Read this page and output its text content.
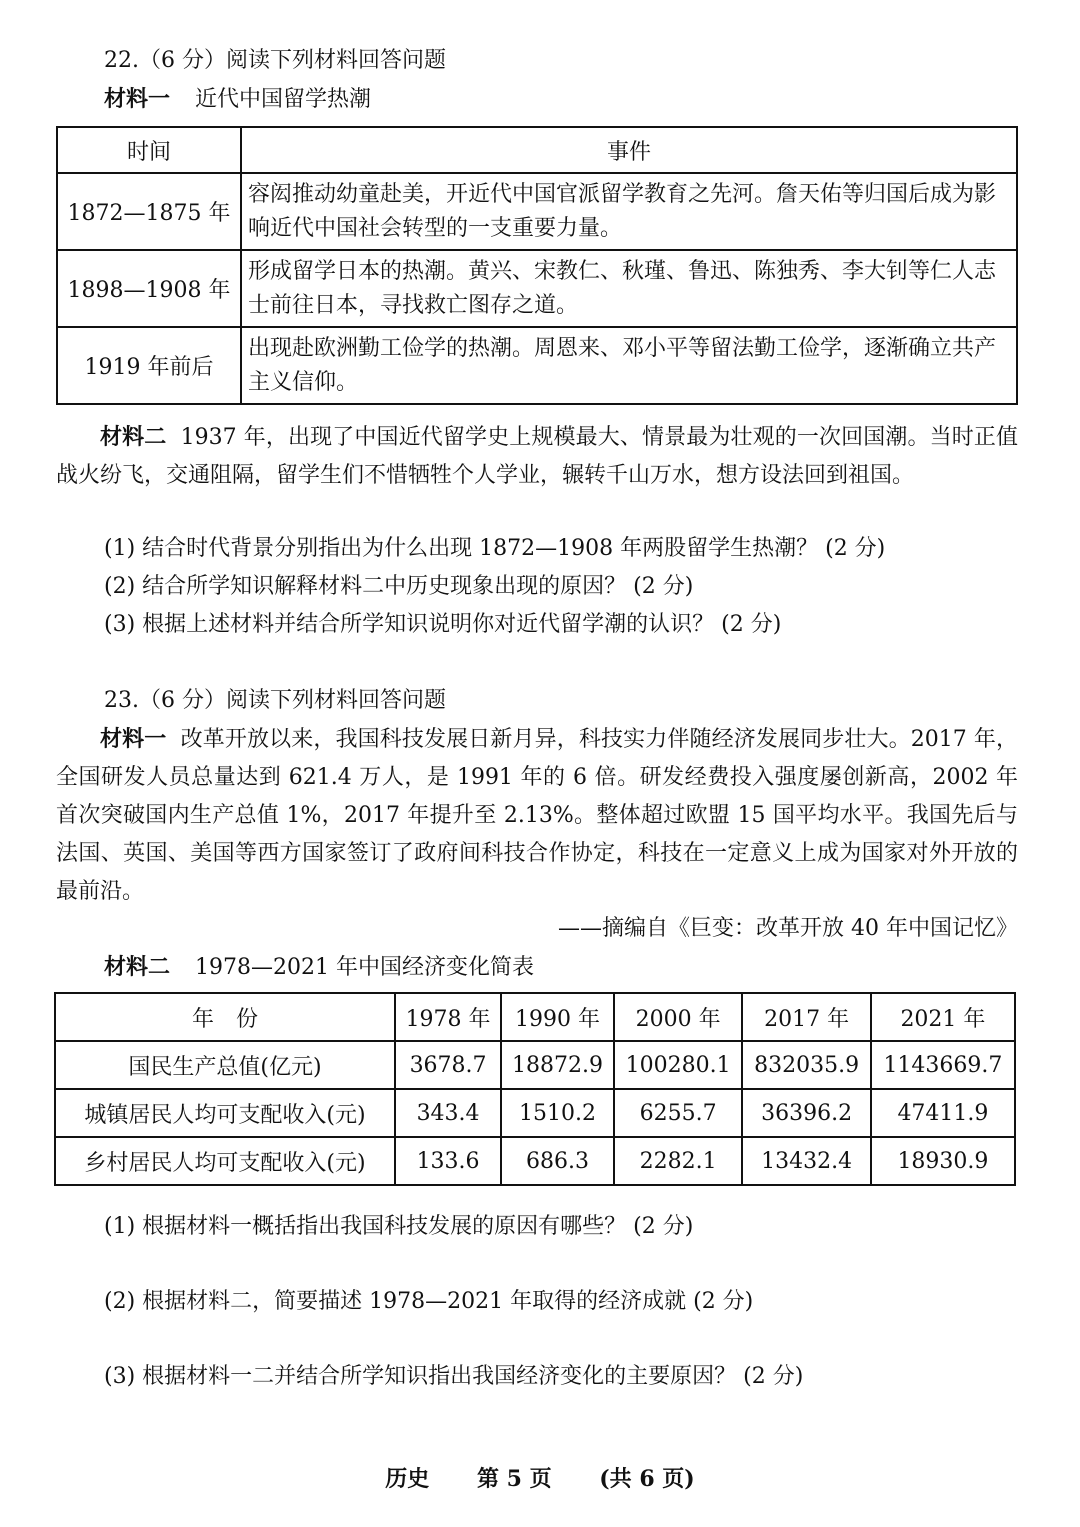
22.（6 分）阅读下列材料回答问题
材料一 近代中国留学热潮
时间	事件
1872—1875 年	容闳推动幼童赴美，开近代中国官派留学教育之先河。詹天佑等归国后成为影响近代中国社会转型的一支重要力量。
1898—1908 年	形成留学日本的热潮。黄兴、宋教仁、秋瑾、鲁迅、陈独秀、李大钊等仁人志士前往日本，寻找救亡图存之道。
1919 年前后	出现赴欧洲勤工俭学的热潮。周恩来、邓小平等留法勤工俭学，逐渐确立共产主义信仰。
材料二 1937 年，出现了中国近代留学史上规模最大、情景最为壮观的一次回国潮。当时正值战火纷飞，交通阻隔，留学生们不惜牺牲个人学业，辗转千山万水，想方设法回到祖国。
(1) 结合时代背景分别指出为什么出现 1872—1908 年两股留学生热潮？ (2 分)
(2) 结合所学知识解释材料二中历史现象出现的原因？ (2 分)
(3) 根据上述材料并结合所学知识说明你对近代留学潮的认识？ (2 分)
23.（6 分）阅读下列材料回答问题
材料一 改革开放以来，我国科技发展日新月异，科技实力伴随经济发展同步壮大。2017 年，全国研发人员总量达到 621.4 万人，是 1991 年的 6 倍。研发经费投入强度屡创新高，2002 年首次突破国内生产总值 1%，2017 年提升至 2.13%。整体超过欧盟 15 国平均水平。我国先后与法国、英国、美国等西方国家签订了政府间科技合作协定，科技在一定意义上成为国家对外开放的最前沿。
——摘编自《巨变：改革开放 40 年中国记忆》
材料二 1978—2021 年中国经济变化简表
年　份	1978 年	1990 年	2000 年	2017 年	2021 年
国民生产总值(亿元)	3678.7	18872.9	100280.1	832035.9	1143669.7
城镇居民人均可支配收入(元)	343.4	1510.2	6255.7	36396.2	47411.9
乡村居民人均可支配收入(元)	133.6	686.3	2282.1	13432.4	18930.9
(1) 根据材料一概括指出我国科技发展的原因有哪些？ (2 分)
(2) 根据材料二，简要描述 1978—2021 年取得的经济成就 (2 分)
(3) 根据材料一二并结合所学知识指出我国经济变化的主要原因？ (2 分)
历史 第 5 页 (共 6 页)
